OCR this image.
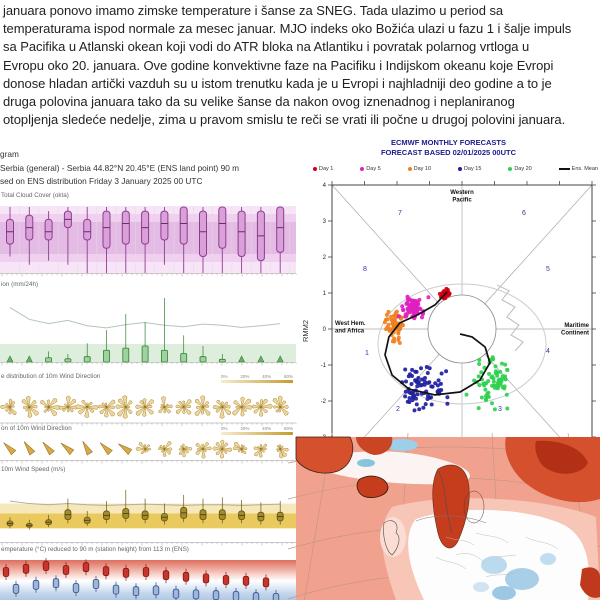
januara ponovo imamo zimske temperature i šanse za SNEG. Tada ulazimo u period sa
temperaturama ispod normale za mesec januar. MJO indeks oko Božića ulazi u fazu 1 i šalje impuls
sa Pacifika u Atlanski okean koji vodi do ATR bloka na Atlantiku i povratak polarnog vrtloga u
Evropu oko 20. januara. Ove godine konvektivne faze na Pacifiku i Indijskom okeanu koje Evropi
donose hladan artički vazduh su u istom trenutku kada je u Evropi i najhladniji deo godine a to je
druga polovina januara tako da su velike šanse da nakon ovog iznenadnog i neplaniranog
otopljenja sledeće nedelje, zima u pravom smislu te reči se vrati ili počne u drugoj polovini januara.
gram
Serbia (general) - Serbia 44.82°N 20.45°E (ENS land point) 90 m
sed on ENS distribution Friday 3 January 2025 00 UTC
Total Cloud Cover (okta)
ion (mm/24h)
e distribution of 10m Wind Direction
on of 10m Wind Direction
10m Wind Speed (m/s)
emperature (°C) reduced to 90 m (station height) from 113 m (ENS)
0%	20%	40%	60%
0%	20%	40%	60%
4
3
2
1
0
-1
-2
RMM2
Western
Pacific
West Hem.
and Africa
Maritime
Continent
7	6
8	5
1	4
2	3
ECMWF MONTHLY FORECASTS
FORECAST BASED 02/01/2025 00UTC
Day 1	Day 5	Day 10	Day 15	Day 20	Ens. Mean
